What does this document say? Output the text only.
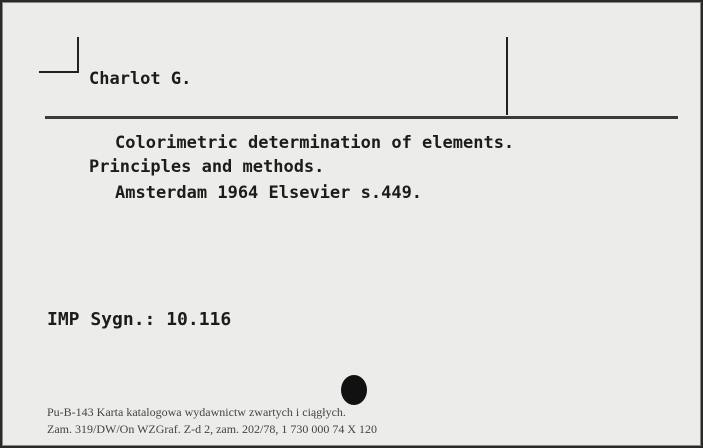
Charlot G.
Colorimetric determination of elements.
Principles and methods.
Amsterdam 1964 Elsevier s.449.
IMP Sygn.: 10.116
Pu-B-143 Karta katalogowa wydawnictw zwartych i ciągłych.
Zam. 319/DW/On WZGraf. Z-d 2, zam. 202/78, 1 730 000 74 X 120
